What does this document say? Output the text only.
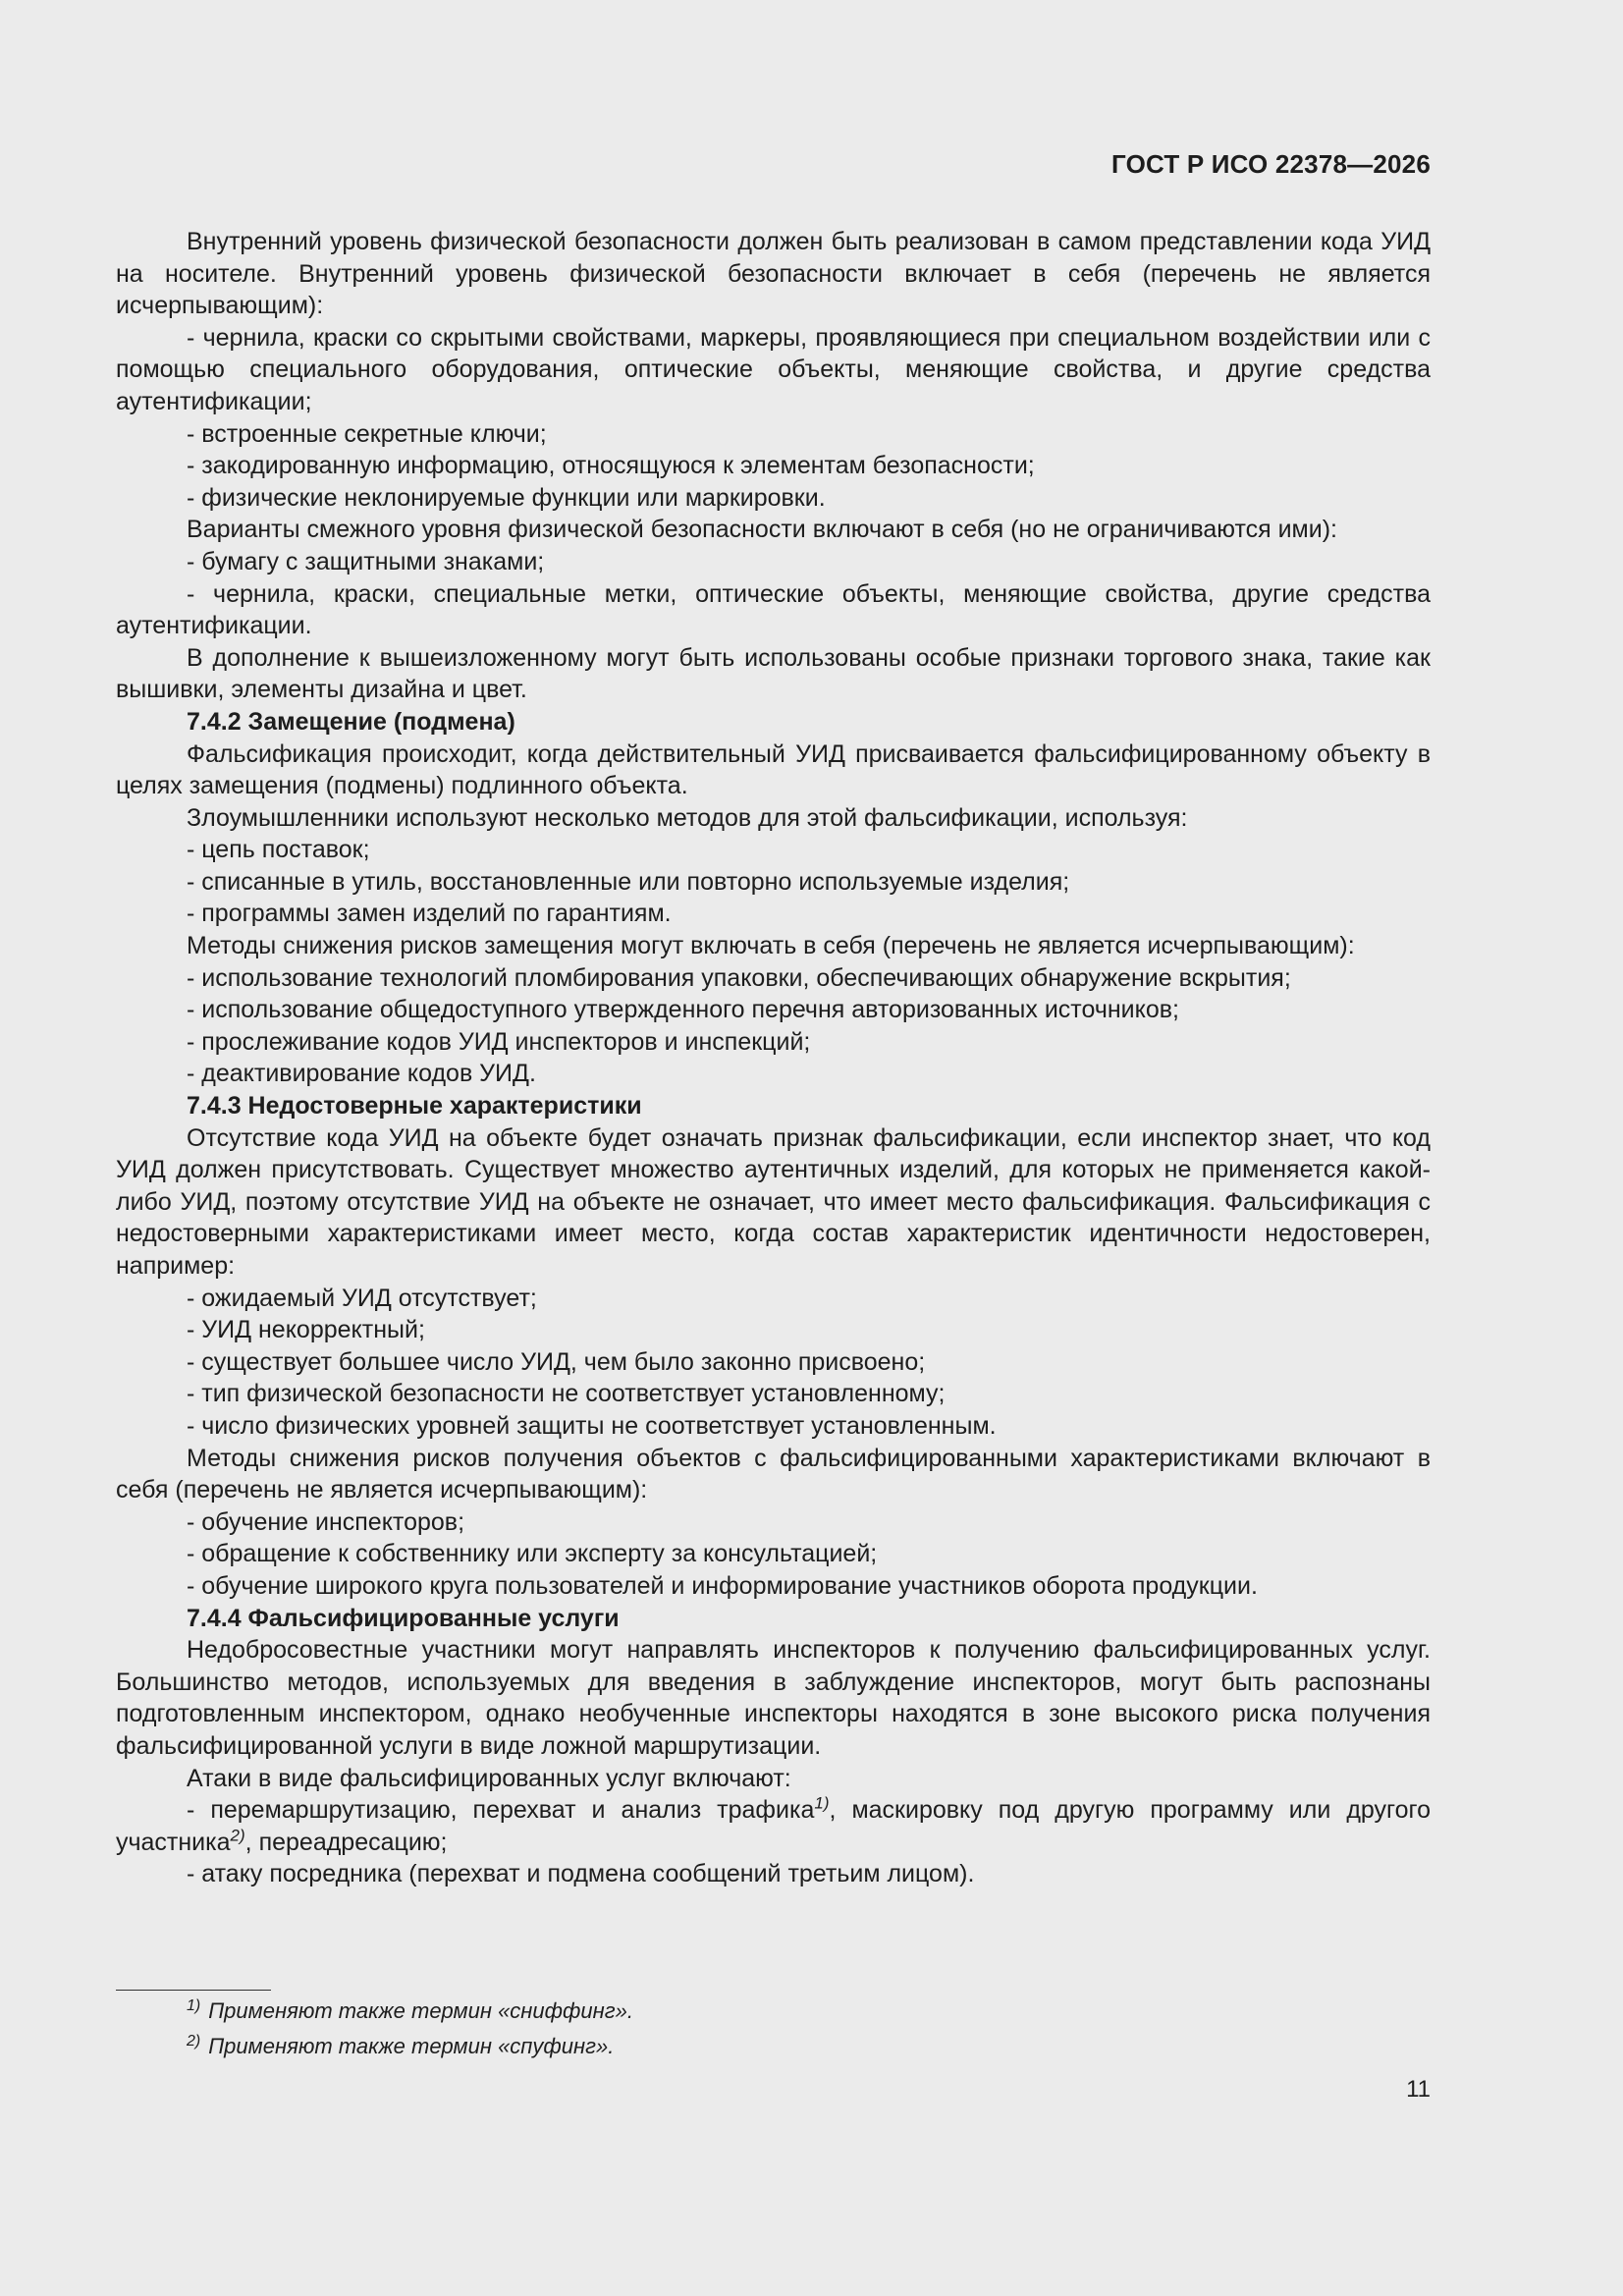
ГОСТ Р ИСО 22378—2026

Внутренний уровень физической безопасности должен быть реализован в самом представлении кода УИД на носителе. Внутренний уровень физической безопасности включает в себя (перечень не является исчерпывающим):

- чернила, краски со скрытыми свойствами, маркеры, проявляющиеся при специальном воздействии или с помощью специального оборудования, оптические объекты, меняющие свойства, и другие средства аутентификации;

- встроенные секретные ключи;

- закодированную информацию, относящуюся к элементам безопасности;

- физические неклонируемые функции или маркировки.

Варианты смежного уровня физической безопасности включают в себя (но не ограничиваются ими):

- бумагу с защитными знаками;

- чернила, краски, специальные метки, оптические объекты, меняющие свойства, другие средства аутентификации.

В дополнение к вышеизложенному могут быть использованы особые признаки торгового знака, такие как вышивки, элементы дизайна и цвет.

7.4.2 Замещение (подмена)

Фальсификация происходит, когда действительный УИД присваивается фальсифицированному объекту в целях замещения (подмены) подлинного объекта.

Злоумышленники используют несколько методов для этой фальсификации, используя:

- цепь поставок;

- списанные в утиль, восстановленные или повторно используемые изделия;

- программы замен изделий по гарантиям.

Методы снижения рисков замещения могут включать в себя (перечень не является исчерпывающим):

- использование технологий пломбирования упаковки, обеспечивающих обнаружение вскрытия;

- использование общедоступного утвержденного перечня авторизованных источников;

- прослеживание кодов УИД инспекторов и инспекций;

- деактивирование кодов УИД.

7.4.3 Недостоверные характеристики

Отсутствие кода УИД на объекте будет означать признак фальсификации, если инспектор знает, что код УИД должен присутствовать. Существует множество аутентичных изделий, для которых не применяется какой-либо УИД, поэтому отсутствие УИД на объекте не означает, что имеет место фальсификация. Фальсификация с недостоверными характеристиками имеет место, когда состав характеристик идентичности недостоверен, например:

- ожидаемый УИД отсутствует;

- УИД некорректный;

- существует большее число УИД, чем было законно присвоено;

- тип физической безопасности не соответствует установленному;

- число физических уровней защиты не соответствует установленным.

Методы снижения рисков получения объектов с фальсифицированными характеристиками включают в себя (перечень не является исчерпывающим):

- обучение инспекторов;

- обращение к собственнику или эксперту за консультацией;

- обучение широкого круга пользователей и информирование участников оборота продукции.

7.4.4 Фальсифицированные услуги

Недобросовестные участники могут направлять инспекторов к получению фальсифицированных услуг. Большинство методов, используемых для введения в заблуждение инспекторов, могут быть распознаны подготовленным инспектором, однако необученные инспекторы находятся в зоне высокого риска получения фальсифицированной услуги в виде ложной маршрутизации.

Атаки в виде фальсифицированных услуг включают:

- перемаршрутизацию, перехват и анализ трафика$^{1)}$, маскировку под другую программу или другого участника$^{2)}$, переадресацию;

- атаку посредника (перехват и подмена сообщений третьим лицом).

$^{1)}$ Применяют также термин «сниффинг».
$^{2)}$ Применяют также термин «спуфинг».
11
